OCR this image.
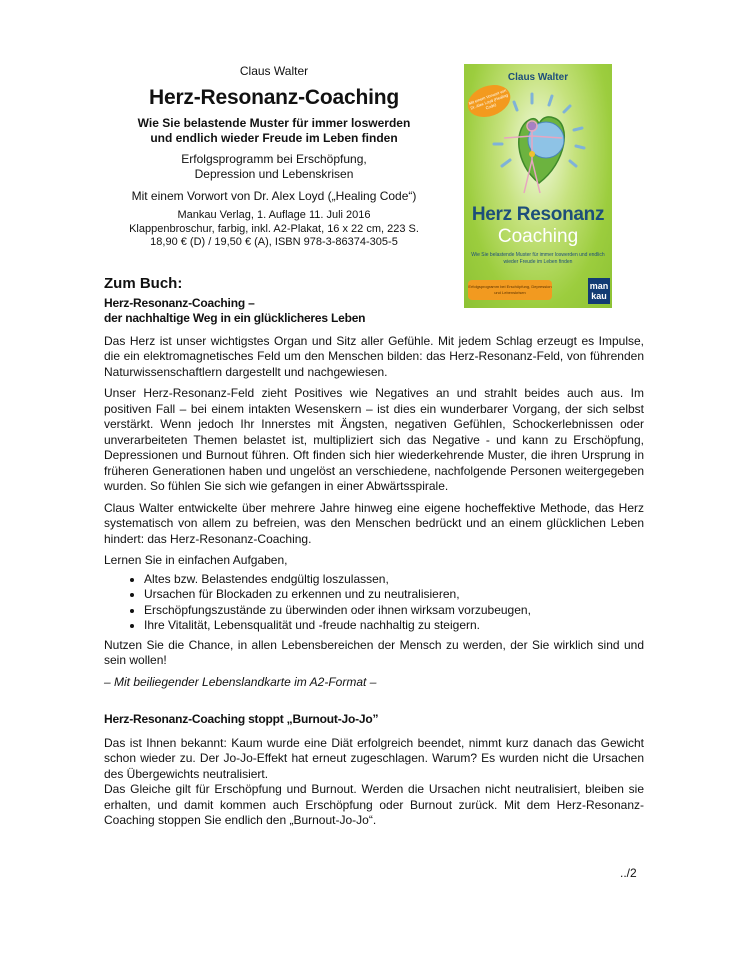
Claus Walter
Herz-Resonanz-Coaching
Wie Sie belastende Muster für immer loswerden
und endlich wieder Freude im Leben finden
Erfolgsprogramm bei Erschöpfung,
Depression und Lebenskrisen
Mit einem Vorwort von Dr. Alex Loyd („Healing Code“)
Mankau Verlag, 1. Auflage 11. Juli 2016
Klappenbroschur, farbig, inkl. A2-Plakat, 16 x 22 cm, 223 S.
18,90 € (D) / 19,50 € (A), ISBN 978-3-86374-305-5
Claus Walter
Mit einem Vorwort von Dr. Alex Loyd (Healing Code)
Herz Resonanz
Coaching
Wie Sie belastende Muster für immer loswerden und endlich wieder Freude im Leben finden
Erfolgsprogramm bei Erschöpfung, Depression und Lebenskrisen
man kau
Zum Buch:
Herz-Resonanz-Coaching –
der nachhaltige Weg in ein glücklicheres Leben

Das Herz ist unser wichtigstes Organ und Sitz aller Gefühle. Mit jedem Schlag erzeugt es Impulse, die ein elektromagnetisches Feld um den Menschen bilden: das Herz-Resonanz-Feld, von führenden Naturwissenschaftlern dargestellt und nachgewiesen.

Unser Herz-Resonanz-Feld zieht Positives wie Negatives an und strahlt beides auch aus. Im positiven Fall – bei einem intakten Wesenskern – ist dies ein wunderbarer Vorgang, der sich selbst verstärkt. Wenn jedoch Ihr Innerstes mit Ängsten, negativen Gefühlen, Schockerlebnissen oder unverarbeiteten Themen belastet ist, multipliziert sich das Negative - und kann zu Erschöpfung, Depressionen und Burnout führen. Oft finden sich hier wiederkehrende Muster, die ihren Ursprung in früheren Generationen haben und ungelöst an verschiedene, nachfolgende Personen weitergegeben wurden. So fühlen Sie sich wie gefangen in einer Abwärtsspirale.

Claus Walter entwickelte über mehrere Jahre hinweg eine eigene hocheffektive Methode, das Herz systematisch von allem zu befreien, was den Menschen bedrückt und an einem glücklichen Leben hindert: das Herz-Resonanz-Coaching.

Lernen Sie in einfachen Aufgaben,

• Altes bzw. Belastendes endgültig loszulassen,
• Ursachen für Blockaden zu erkennen und zu neutralisieren,
• Erschöpfungszustände zu überwinden oder ihnen wirksam vorzubeugen,
• Ihre Vitalität, Lebensqualität und -freude nachhaltig zu steigern.

Nutzen Sie die Chance, in allen Lebensbereichen der Mensch zu werden, der Sie wirklich sind und sein wollen!

– Mit beiliegender Lebenslandkarte im A2-Format –

Herz-Resonanz-Coaching stoppt „Burnout-Jo-Jo”

Das ist Ihnen bekannt: Kaum wurde eine Diät erfolgreich beendet, nimmt kurz danach das Gewicht schon wieder zu. Der Jo-Jo-Effekt hat erneut zugeschlagen. Warum? Es wurden nicht die Ursachen des Übergewichts neutralisiert.

Das Gleiche gilt für Erschöpfung und Burnout. Werden die Ursachen nicht neutralisiert, bleiben sie erhalten, und damit kommen auch Erschöpfung oder Burnout zurück. Mit dem Herz-Resonanz-Coaching stoppen Sie endlich den „Burnout-Jo-Jo“.

../2
